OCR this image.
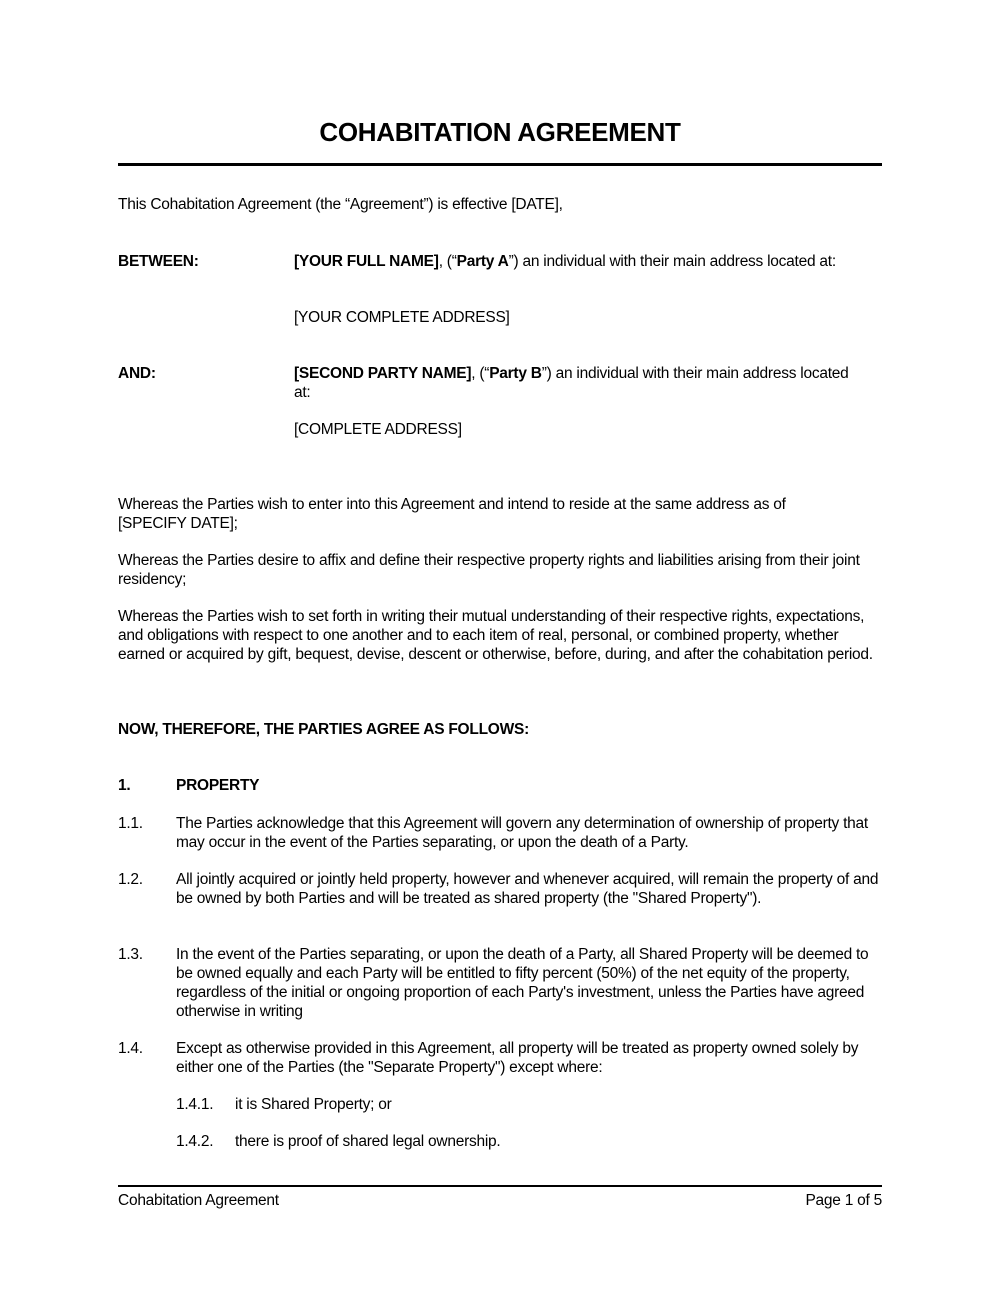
COHABITATION AGREEMENT
This Cohabitation Agreement (the “Agreement”) is effective [DATE],
BETWEEN:	[YOUR FULL NAME], (“Party A”) an individual with their main address located at:
[YOUR COMPLETE ADDRESS]
AND:	[SECOND PARTY NAME], (“Party B”) an individual with their main address located at:
[COMPLETE ADDRESS]
Whereas the Parties wish to enter into this Agreement and intend to reside at the same address as of [SPECIFY DATE];
Whereas the Parties desire to affix and define their respective property rights and liabilities arising from their joint residency;
Whereas the Parties wish to set forth in writing their mutual understanding of their respective rights, expectations, and obligations with respect to one another and to each item of real, personal, or combined property, whether earned or acquired by gift, bequest, devise, descent or otherwise, before, during, and after the cohabitation period.
NOW, THEREFORE, THE PARTIES AGREE AS FOLLOWS:
1.	PROPERTY
1.1. The Parties acknowledge that this Agreement will govern any determination of ownership of property that may occur in the event of the Parties separating, or upon the death of a Party.
1.2. All jointly acquired or jointly held property, however and whenever acquired, will remain the property of and be owned by both Parties and will be treated as shared property (the "Shared Property").
1.3. In the event of the Parties separating, or upon the death of a Party, all Shared Property will be deemed to be owned equally and each Party will be entitled to fifty percent (50%) of the net equity of the property, regardless of the initial or ongoing proportion of each Party's investment, unless the Parties have agreed otherwise in writing
1.4. Except as otherwise provided in this Agreement, all property will be treated as property owned solely by either one of the Parties (the "Separate Property") except where:
1.4.1. it is Shared Property; or
1.4.2. there is proof of shared legal ownership.
Cohabitation Agreement	Page 1 of 5
